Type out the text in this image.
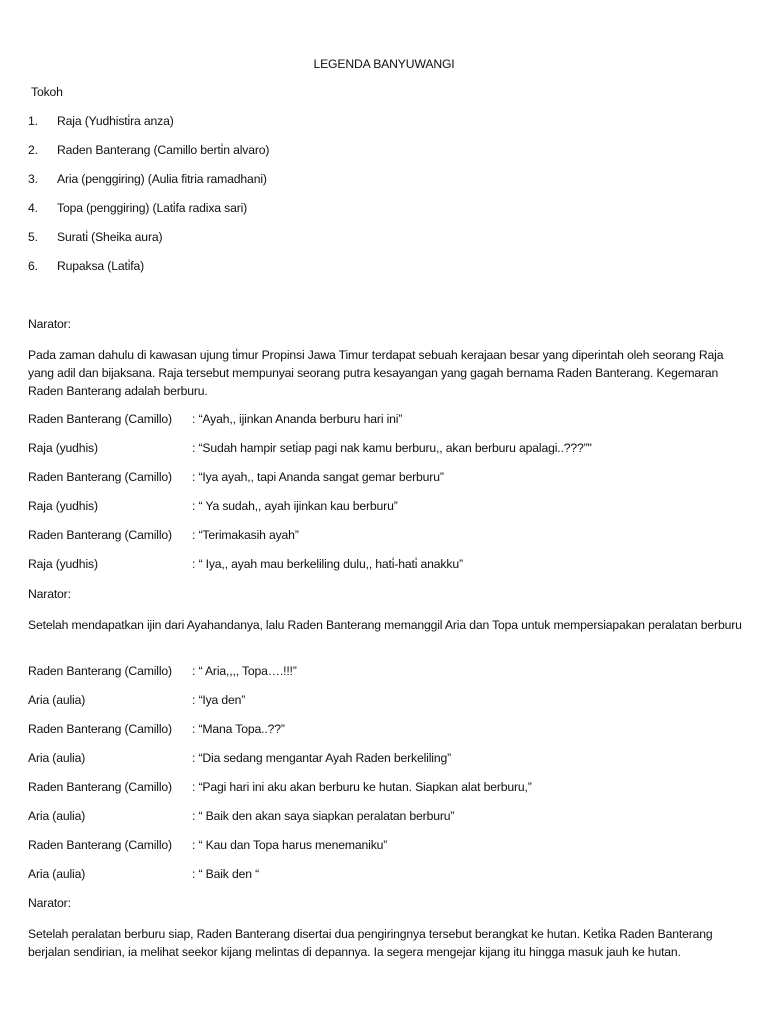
LEGENDA BANYUWANGI
Tokoh
1. Raja (Yudhisti̇ra anza)
2. Raden Banterang (Camillo berti̇n alvaro)
3. Aria (penggiring) (Aulia fitria ramadhani)
4. Topa (penggiring) (Lati̇fa radixa sari)
5. Surati̇ (Sheika aura)
6. Rupaksa (Lati̇fa)
Narator:
Pada zaman dahulu di kawasan ujung ti̇mur Propinsi Jawa Timur terdapat sebuah kerajaan besar yang diperintah oleh seorang Raja yang adil dan bijaksana. Raja tersebut mempunyai seorang putra kesayangan yang gagah bernama Raden Banterang. Kegemaran Raden Banterang adalah berburu.
Raden Banterang (Camillo) : “Ayah,, ijinkan Ananda berburu hari ini”
Raja (yudhis)	: “Sudah hampir seti̇ap pagi nak kamu berburu,, akan berburu apalagi..???”"
Raden Banterang (Camillo) : “Iya ayah,, tapi Ananda sangat gemar berburu”
Raja (yudhis)	: “ Ya sudah,, ayah ijinkan kau berburu”
Raden Banterang (Camillo) : “Terimakasih ayah”
Raja (yudhis)	: “ Iya,, ayah mau berkeliling dulu,, hati̇-hati̇ anakku”
Narator:
Setelah mendapatkan ijin dari Ayahandanya, lalu Raden Banterang memanggil Aria dan Topa untuk mempersiapakan peralatan berburu
Raden Banterang (Camillo) : “ Aria,,,, Topa….!!!”
Aria (aulia)	: “Iya den”
Raden Banterang (Camillo) : “Mana Topa..??”
Aria (aulia)	: “Dia sedang mengantar Ayah Raden berkeliling”
Raden Banterang (Camillo) : “Pagi hari ini aku akan berburu ke hutan. Siapkan alat berburu,”
Aria (aulia)	: “ Baik den akan saya siapkan peralatan berburu”
Raden Banterang (Camillo) : “ Kau dan Topa harus menemaniku”
Aria (aulia)	: “ Baik den “
Narator:
Setelah peralatan berburu siap, Raden Banterang disertai dua pengiringnya tersebut berangkat ke hutan. Keti̇ka Raden Banterang berjalan sendirian, ia melihat seekor kijang melintas di depannya. Ia segera mengejar kijang itu hingga masuk jauh ke hutan.
